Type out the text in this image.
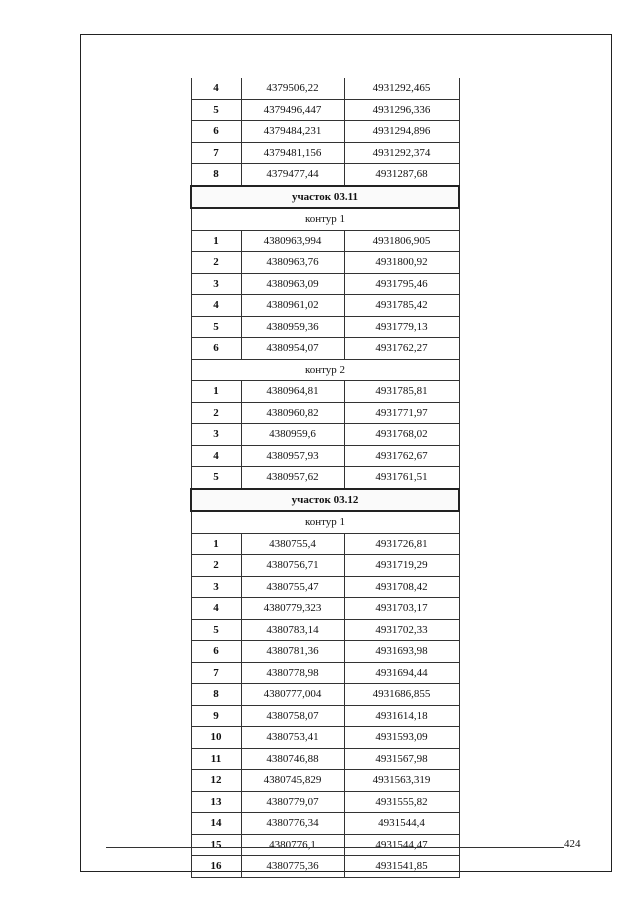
4	4379506,22	4931292,465
5	4379496,447	4931296,336
6	4379484,231	4931294,896
7	4379481,156	4931292,374
8	4379477,44	4931287,68
участок 03.11		
контур 1		
1	4380963,994	4931806,905
2	4380963,76	4931800,92
3	4380963,09	4931795,46
4	4380961,02	4931785,42
5	4380959,36	4931779,13
6	4380954,07	4931762,27
контур 2		
1	4380964,81	4931785,81
2	4380960,82	4931771,97
3	4380959,6	4931768,02
4	4380957,93	4931762,67
5	4380957,62	4931761,51
участок 03.12		
контур 1		
1	4380755,4	4931726,81
2	4380756,71	4931719,29
3	4380755,47	4931708,42
4	4380779,323	4931703,17
5	4380783,14	4931702,33
6	4380781,36	4931693,98
7	4380778,98	4931694,44
8	4380777,004	4931686,855
9	4380758,07	4931614,18
10	4380753,41	4931593,09
11	4380746,88	4931567,98
12	4380745,829	4931563,319
13	4380779,07	4931555,82
14	4380776,34	4931544,4
15	4380776,1	4931544,47
16	4380775,36	4931541,85
424
